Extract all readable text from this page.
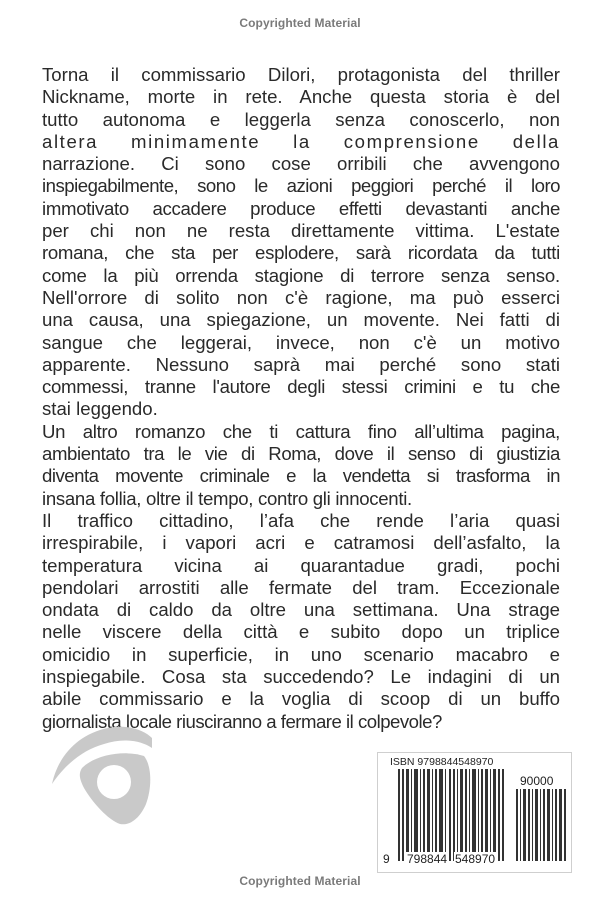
Copyrighted Material
Torna il commissario Dilori, protagonista del thriller
Nickname, morte in rete. Anche questa storia è del
tutto autonoma e leggerla senza conoscerlo, non
altera minimamente la comprensione della
narrazione. Ci sono cose orribili che avvengono
inspiegabilmente, sono le azioni peggiori perché il loro
immotivato accadere produce effetti devastanti anche
per chi non ne resta direttamente vittima. L'estate
romana, che sta per esplodere, sarà ricordata da tutti
come la più orrenda stagione di terrore senza senso.
Nell'orrore di solito non c'è ragione, ma può esserci
una causa, una spiegazione, un movente. Nei fatti di
sangue che leggerai, invece, non c'è un motivo
apparente. Nessuno saprà mai perché sono stati
commessi, tranne l'autore degli stessi crimini e tu che
stai leggendo.
Un altro romanzo che ti cattura fino all’ultima pagina,
ambientato tra le vie di Roma, dove il senso di giustizia
diventa movente criminale e la vendetta si trasforma in
insana follia, oltre il tempo, contro gli innocenti.
Il traffico cittadino, l’afa che rende l’aria quasi
irrespirabile, i vapori acri e catramosi dell’asfalto, la
temperatura vicina ai quarantadue gradi, pochi
pendolari arrostiti alle fermate del tram. Eccezionale
ondata di caldo da oltre una settimana. Una strage
nelle viscere della città e subito dopo un triplice
omicidio in superficie, in uno scenario macabro e
inspiegabile. Cosa sta succedendo? Le indagini di un
abile commissario e la voglia di scoop di un buffo
giornalista locale riusciranno a fermare il colpevole?
ISBN 9798844548970
90000
9 798844 548970
Copyrighted Material
